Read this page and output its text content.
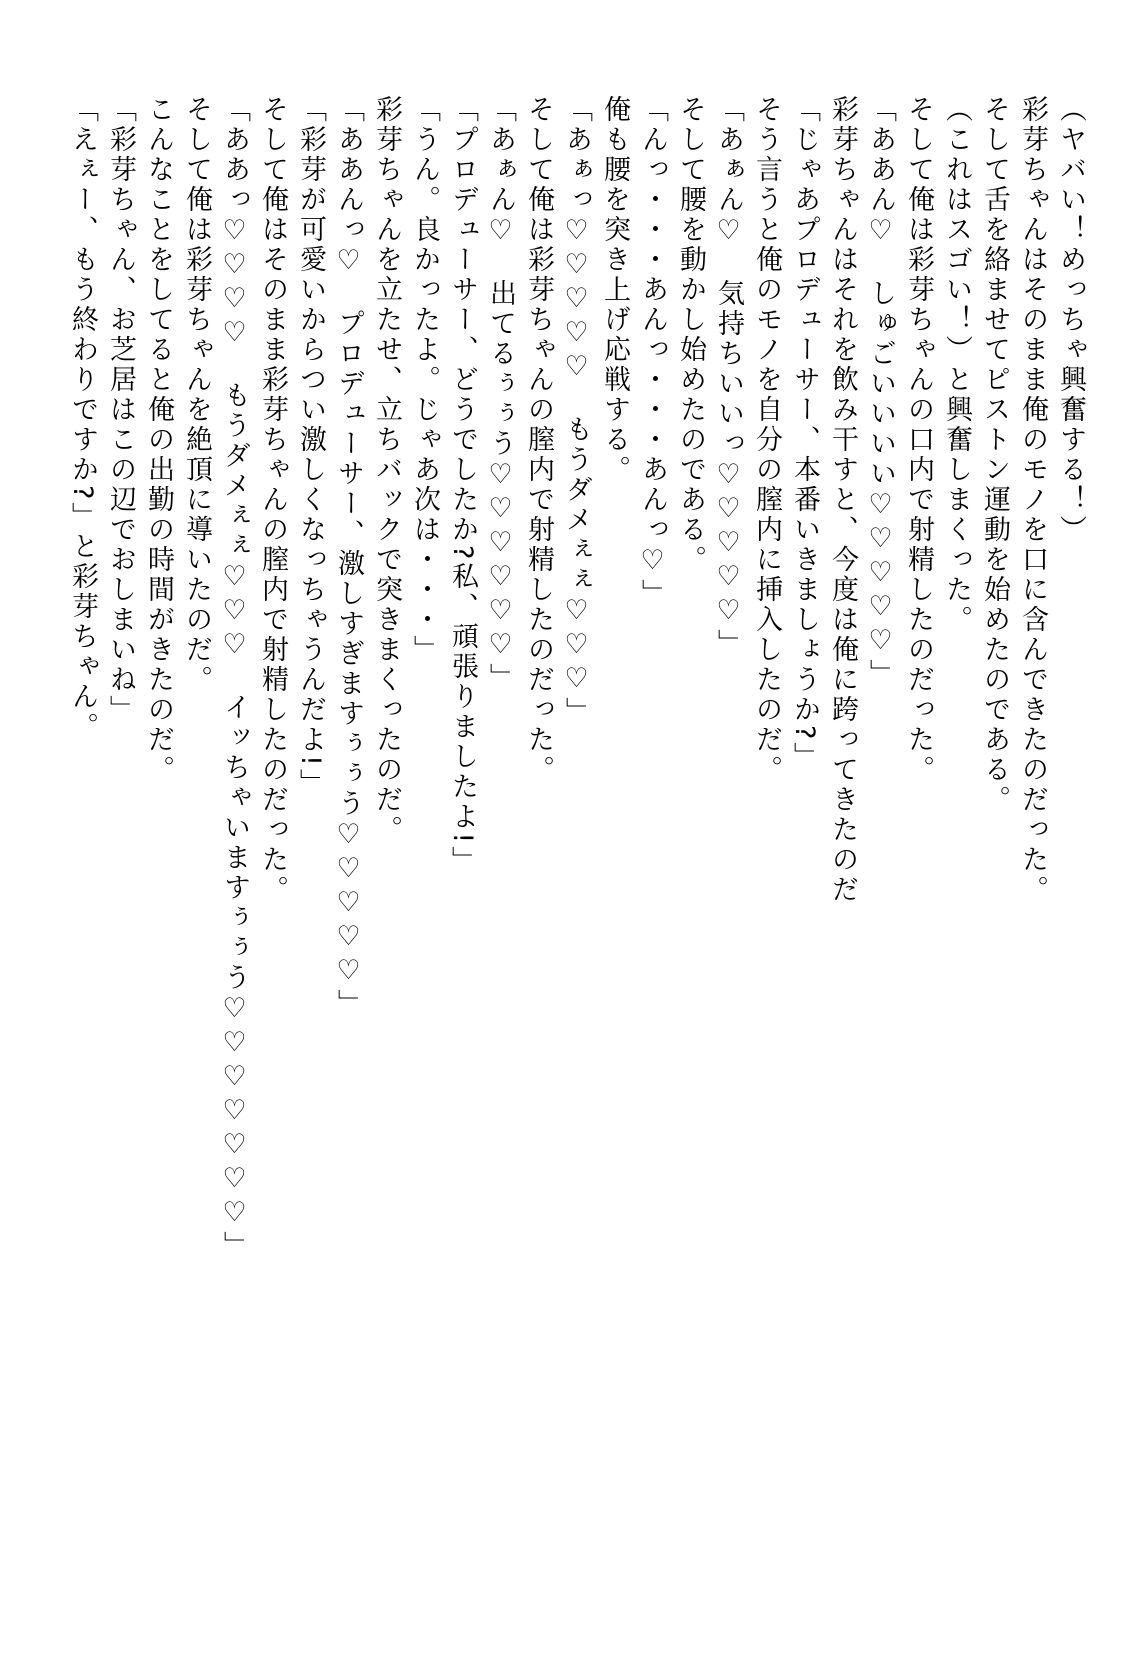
（ヤバい！めっちゃ興奮する！）

彩芽ちゃんはそのまま俺のモノを口に含んできたのだった。

そして舌を絡ませてピストン運動を始めたのである。

（これはスゴい！）と興奮しまくった。

そして俺は彩芽ちゃんの口内で射精したのだった。

「ああん♡　しゅごいいいい♡♡♡♡♡」

彩芽ちゃんはそれを飲み干すと、今度は俺に跨ってきたのだ

「じゃあプロデューサー、本番いきましょうか?」

そう言うと俺のモノを自分の膣内に挿入したのだ。

「あぁん♡　気持ちいいっ♡♡♡♡♡」

そして腰を動かし始めたのである。

「んっ・・・あんっ・・・あんっ♡」

俺も腰を突き上げ応戦する。

「あぁっ♡♡♡♡♡　もうダメぇぇ♡♡♡」

そして俺は彩芽ちゃんの膣内で射精したのだった。

「あぁん♡　出てるぅぅう♡♡♡♡♡♡」

「プロデューサー、どうでしたか?私、頑張りましたよ!」

「うん。良かったよ。じゃあ次は・・・」

彩芽ちゃんを立たせ、立ちバックで突きまくったのだ。

「ああんっ♡　プロデューサー、激しすぎますぅぅう♡♡♡♡♡」

「彩芽が可愛いからつい激しくなっちゃうんだよ!」

そして俺はそのまま彩芽ちゃんの膣内で射精したのだった。

「ああっ♡♡♡♡　もうダメぇぇ♡♡♡　イッちゃいますぅぅう♡♡♡♡♡♡♡」

そして俺は彩芽ちゃんを絶頂に導いたのだ。

こんなことをしてると俺の出勤の時間がきたのだ。

「彩芽ちゃん、お芝居はこの辺でおしまいね」

「えぇー、もう終わりですか?」と彩芽ちゃん。
